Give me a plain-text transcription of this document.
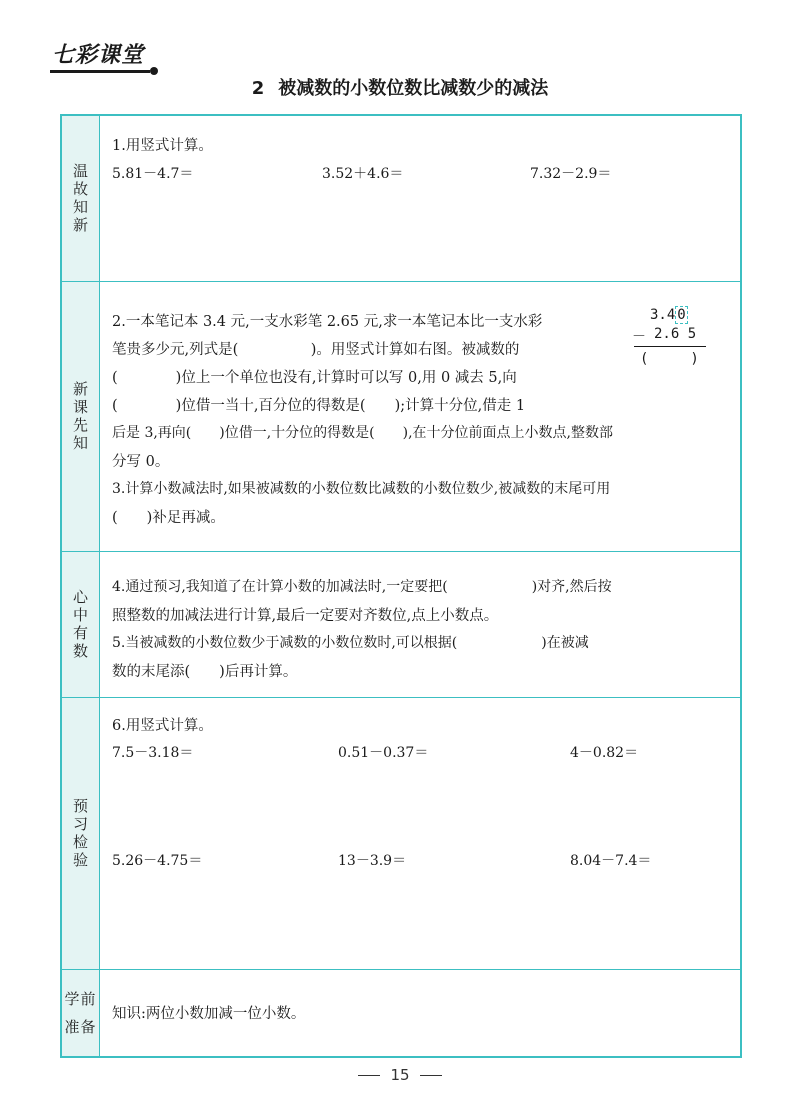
七彩课堂
2 被减数的小数位数比减数少的减法
温故知新
1.用竖式计算。
5.81－4.7＝	3.52＋4.6＝	7.32－2.9＝
新课先知
2.一本笔记本 3.4 元,一支水彩笔 2.65 元,求一本笔记本比一支水彩
笔贵多少元,列式是(　　　　　)。用竖式计算如右图。被减数的
(　　　　)位上一个单位也没有,计算时可以写 0,用 0 减去 5,向
(　　　　)位借一当十,百分位的得数是(　　);计算十分位,借走 1
后是 3,再向(　　)位借一,十分位的得数是(　　),在十分位前面点上小数点,整数部
分写 0。
3.计算小数减法时,如果被减数的小数位数比减数的小数位数少,被减数的末尾可用
(　　)补足再减。
3.4 0
－ 2.6 5
(　　　)
心中有数
4.通过预习,我知道了在计算小数的加减法时,一定要把(　　　　　　)对齐,然后按
照整数的加减法进行计算,最后一定要对齐数位,点上小数点。
5.当被减数的小数位数少于减数的小数位数时,可以根据(　　　　　　)在被减
数的末尾添(　　)后再计算。
预习检验
6.用竖式计算。
7.5－3.18＝	0.51－0.37＝	4－0.82＝
5.26－4.75＝	13－3.9＝	8.04－7.4＝
学前准备
知识:两位小数加减一位小数。
15
